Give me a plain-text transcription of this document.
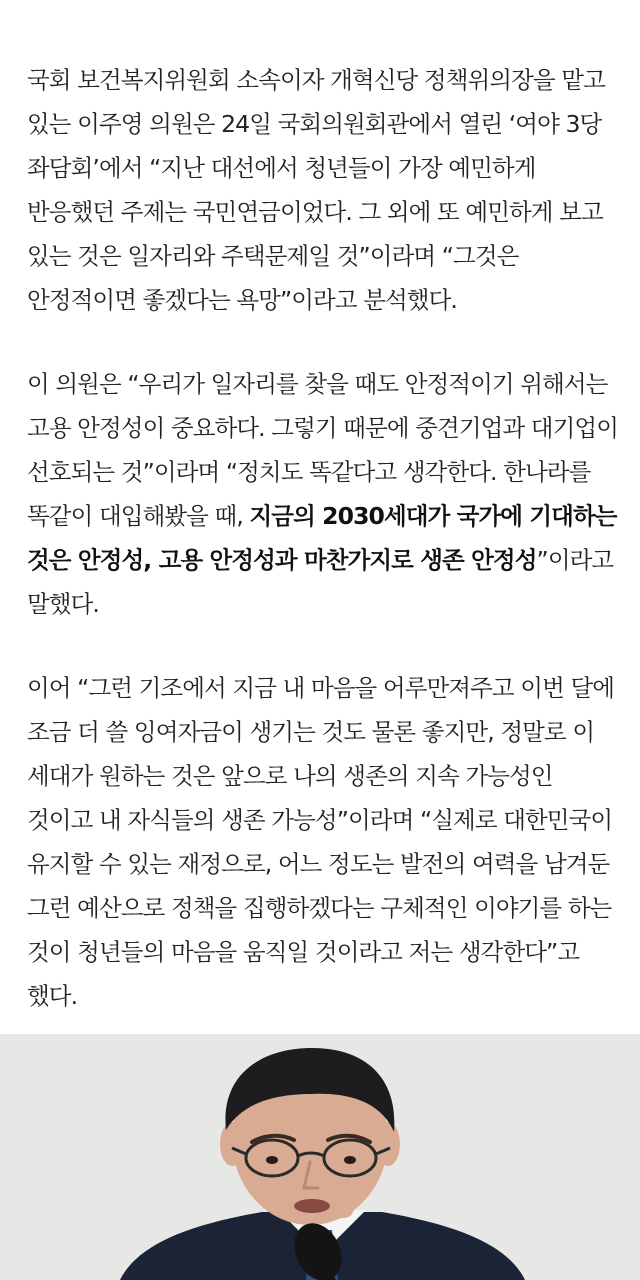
국회 보건복지위원회 소속이자 개혁신당 정책위의장을 맡고 있는 이주영 의원은 24일 국회의원회관에서 열린 ‘여야 3당 좌담회’에서 “지난 대선에서 청년들이 가장 예민하게 반응했던 주제는 국민연금이었다. 그 외에 또 예민하게 보고 있는 것은 일자리와 주택문제일 것”이라며 “그것은 안정적이면 좋겠다는 욕망”이라고 분석했다.

이 의원은 “우리가 일자리를 찾을 때도 안정적이기 위해서는 고용 안정성이 중요하다. 그렇기 때문에 중견기업과 대기업이 선호되는 것”이라며 “정치도 똑같다고 생각한다. 한나라를 똑같이 대입해봤을 때, 지금의 2030세대가 국가에 기대하는 것은 안정성, 고용 안정성과 마찬가지로 생존 안정성”이라고 말했다.

이어 “그런 기조에서 지금 내 마음을 어루만져주고 이번 달에 조금 더 쓸 잉여자금이 생기는 것도 물론 좋지만, 정말로 이 세대가 원하는 것은 앞으로 나의 생존의 지속 가능성인 것이고 내 자식들의 생존 가능성”이라며 “실제로 대한민국이 유지할 수 있는 재정으로, 어느 정도는 발전의 여력을 남겨둔 그런 예산으로 정책을 집행하겠다는 구체적인 이야기를 하는 것이 청년들의 마음을 움직일 것이라고 저는 생각한다”고 했다.
